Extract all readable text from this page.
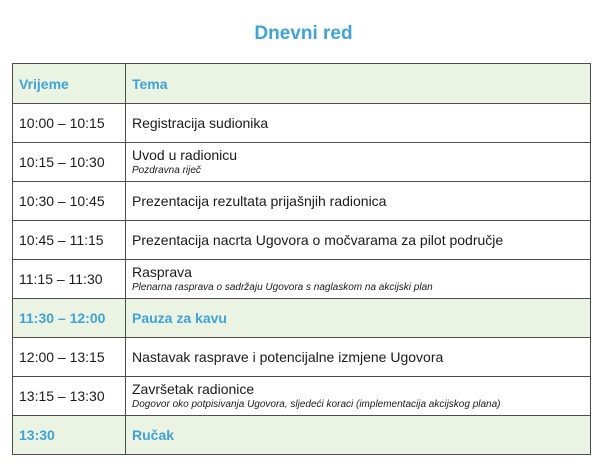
Dnevni red
Vrijeme	Tema
10:00 – 10:15	Registracija sudionika

10:15 – 10:30	Uvod u radionicu
Pozdravna riječ

10:30 – 10:45	Prezentacija rezultata prijašnjih radionica

10:45 – 11:15	Prezentacija nacrta Ugovora o močvarama za pilot područje

11:15 – 11:30	Rasprava
Plenarna rasprava o sadržaju Ugovora s naglaskom na akcijski plan

11:30 – 12:00	Pauza za kavu

12:00 – 13:15	Nastavak rasprave i potencijalne izmjene Ugovora

13:15 – 13:30	Završetak radionice
Dogovor oko potpisivanja Ugovora, sljedeći koraci (implementacija akcijskog plana)

13:30	Ručak
